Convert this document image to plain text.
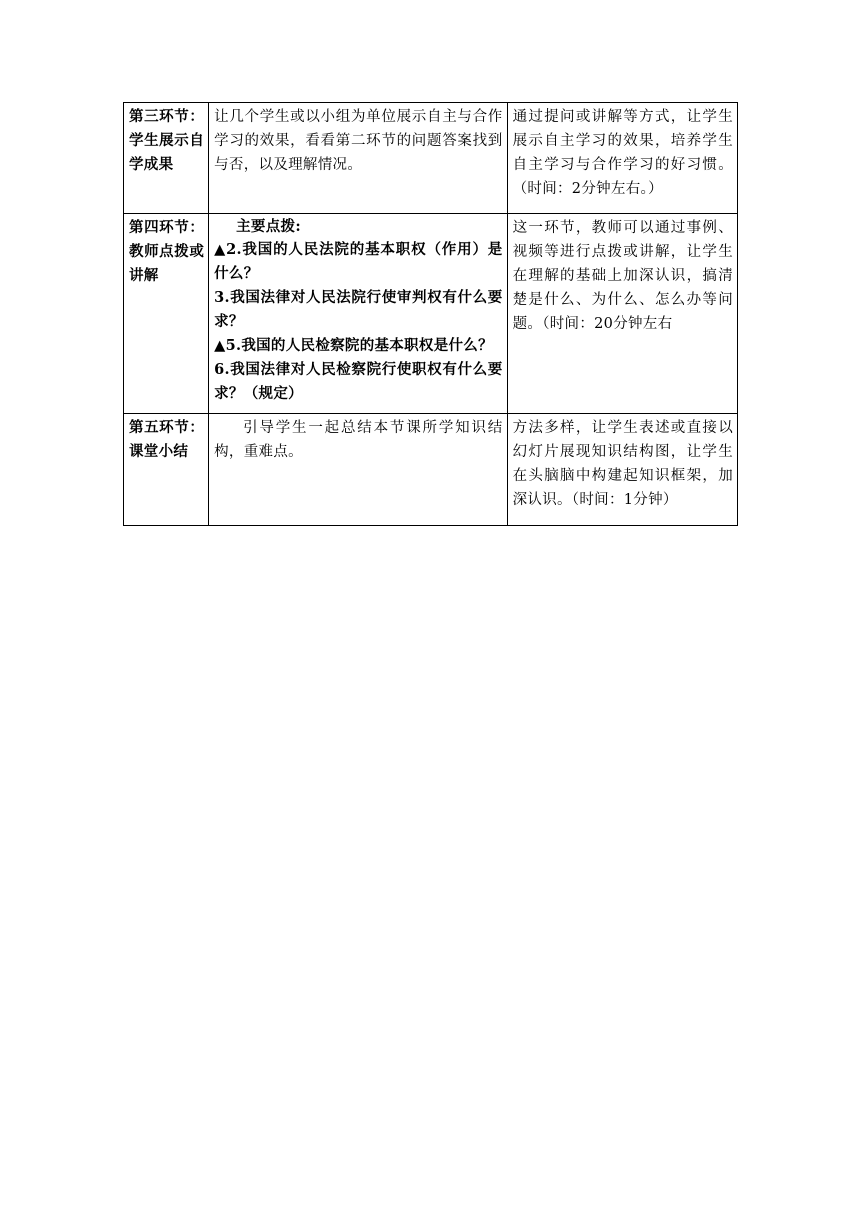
第三环节：学生展示自学成果	让几个学生或以小组为单位展示自主与合作学习的效果，看看第二环节的问题答案找到与否，以及理解情况。	通过提问或讲解等方式，让学生展示自主学习的效果，培养学生自主学习与合作学习的好习惯。（时间：2分钟左右。）
第四环节：教师点拨或讲解	主要点拨:
▲2.我国的人民法院的基本职权（作用）是什么？
3.我国法律对人民法院行使审判权有什么要求？
▲5.我国的人民检察院的基本职权是什么？
6.我国法律对人民检察院行使职权有什么要求？（规定）	这一环节，教师可以通过事例、视频等进行点拨或讲解，让学生在理解的基础上加深认识，搞清楚是什么、为什么、怎么办等问题。（时间：20分钟左右
第五环节：课堂小结	引导学生一起总结本节课所学知识结构，重难点。	方法多样，让学生表述或直接以幻灯片展现知识结构图，让学生在头脑脑中构建起知识框架，加深认识。（时间：1分钟）
